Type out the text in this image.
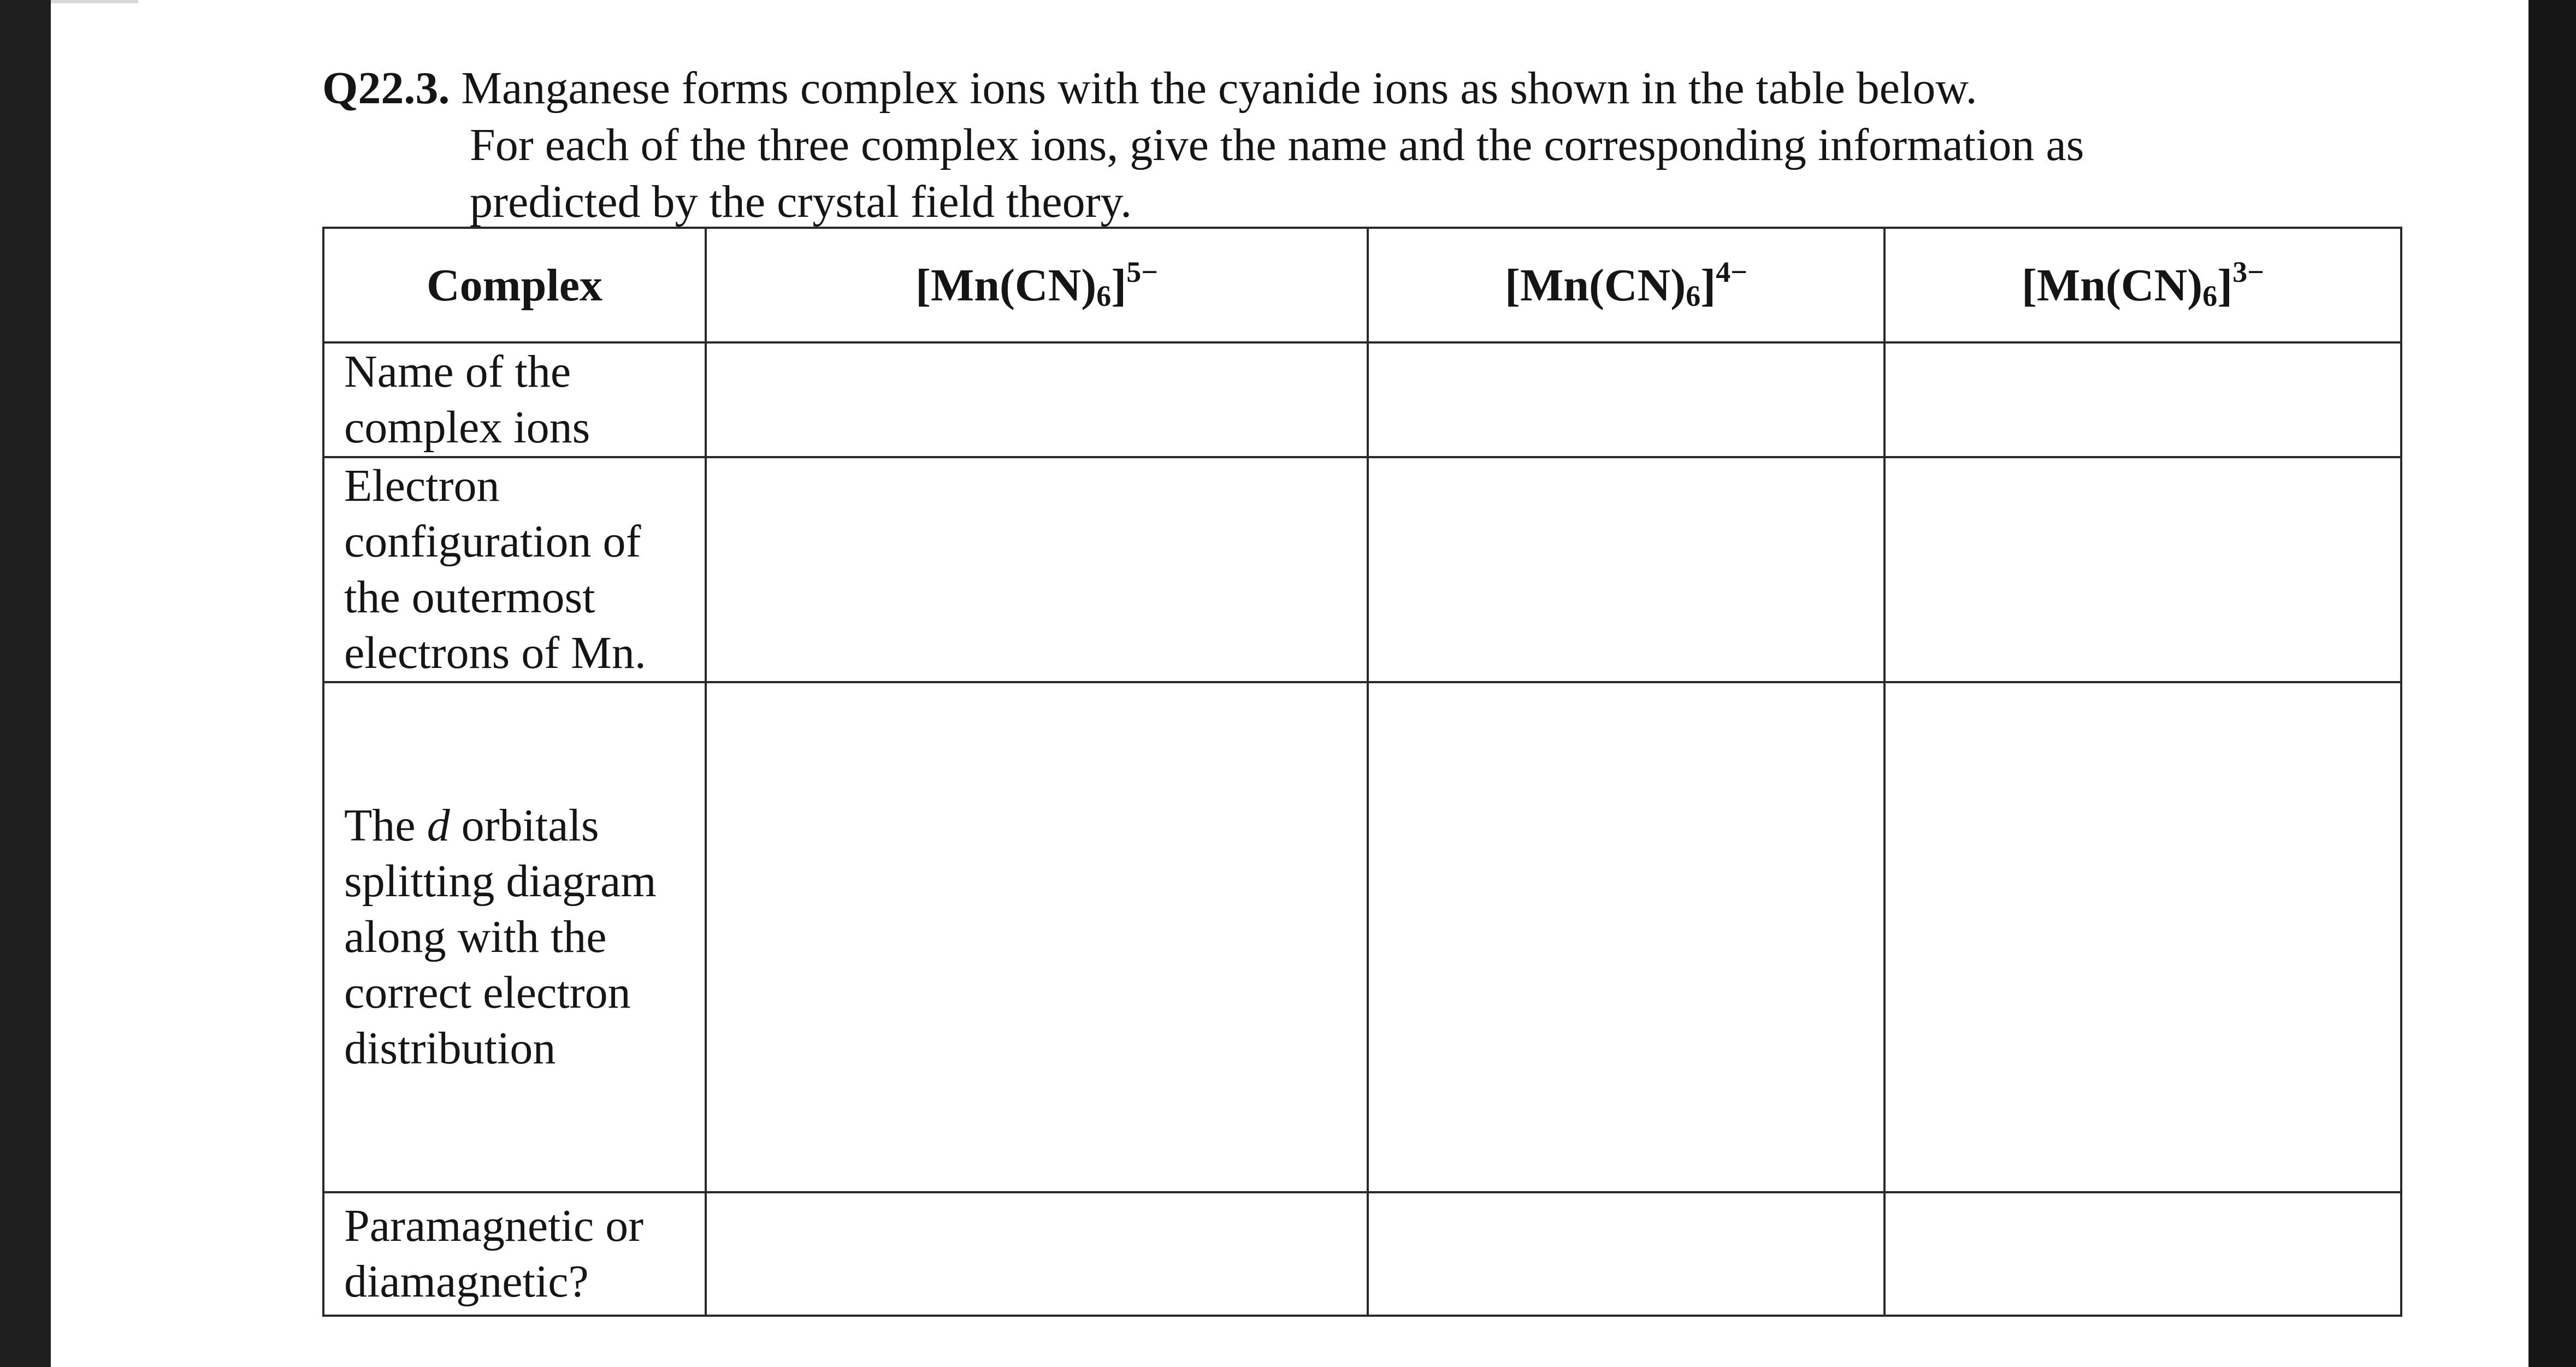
Q22.3. Manganese forms complex ions with the cyanide ions as shown in the table below.
For each of the three complex ions, give the name and the corresponding information as
predicted by the crystal field theory.
Complex	$[Mn(CN)_6]^{5-}$	$[Mn(CN)_6]^{4-}$	$[Mn(CN)_6]^{3-}$

Name of the
complex ions			

Electron
configuration of
the outermost
electrons of Mn.			

The d orbitals
splitting diagram
along with the
correct electron
distribution			

Paramagnetic or
diamagnetic?			
